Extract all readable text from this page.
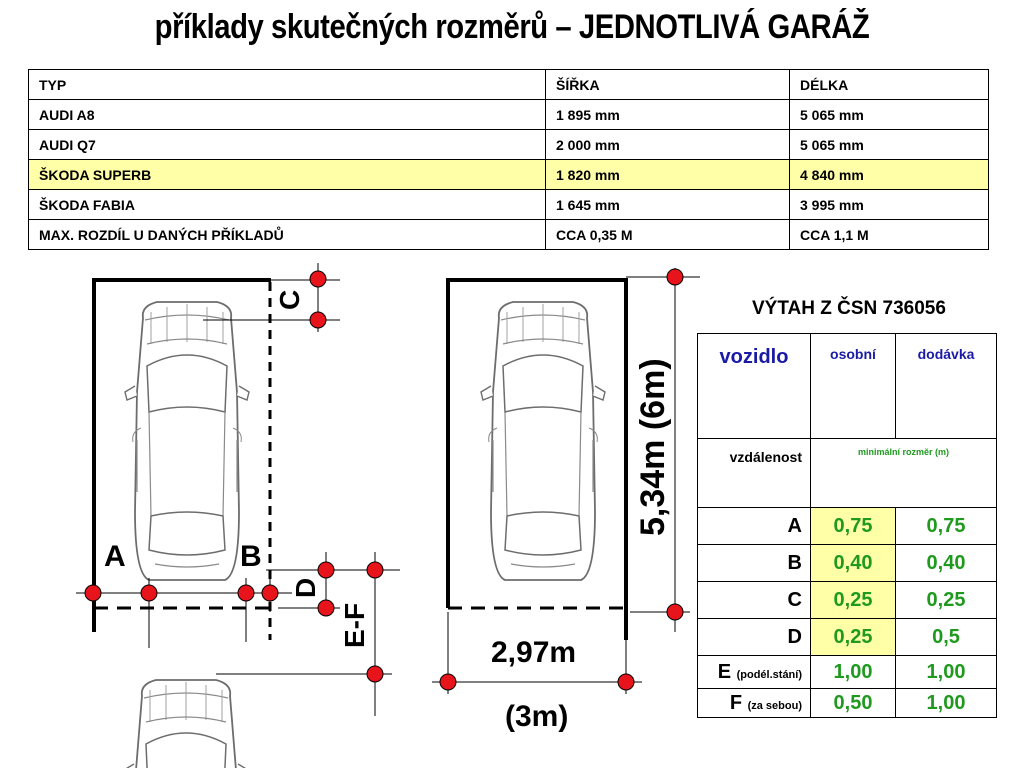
příklady skutečných rozměrů – JEDNOTLIVÁ GARÁŽ
TYP	ŠÍŘKA	DÉLKA
AUDI A8	1 895 mm	5 065 mm
AUDI Q7	2 000 mm	5 065 mm
ŠKODA SUPERB	1 820 mm	4 840 mm
ŠKODA FABIA	1 645 mm	3 995 mm
MAX. ROZDÍL U DANÝCH PŘÍKLADŮ	CCA 0,35 M	CCA 1,1 M
A	B
C
D
E-F
5,34m (6m)
2,97m
(3m)
VÝTAH Z ČSN 736056
vozidlo	osobní	dodávka
vzdálenost	minimální rozměr (m)	
A	0,75	0,75
B	0,40	0,40
C	0,25	0,25
D	0,25	0,5
E (podél.stání)	1,00	1,00
F (za sebou)	0,50	1,00
